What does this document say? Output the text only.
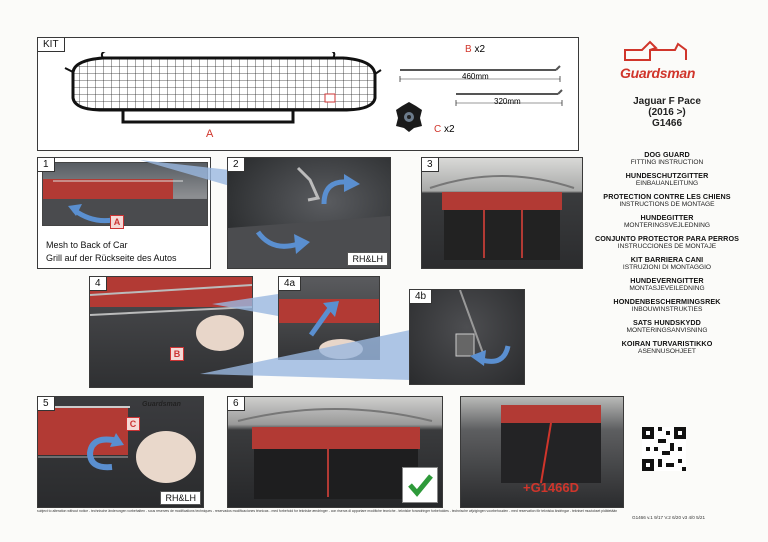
KIT
A	C x2
B x2
460mm
320mm
Guardsman
Jaguar F Pace
(2016 >)
G1466
DOG GUARD
FITTING INSTRUCTION
HUNDESCHUTZGITTER
EINBAUANLEITUNG
PROTECTION CONTRE LES CHIENS
INSTRUCTIONS DE MONTAGE
HUNDEGITTER
MONTERINGSVEJLEDNING
CONJUNTO PROTECTOR PARA PERROS
INSTRUCCIONES DE MONTAJE
KIT BARRIERA CANI
ISTRUZIONI DI MONTAGGIO
HUNDEVERNGITTER
MONTASJEVEILEDNING
HONDENBESCHERMINGSREK
INBOUWINSTRUKTIES
SATS HUNDSKYDD
MONTERINGSANVISNING
KOIRAN TURVARISTIKKO
ASENNUSOHJEET
1
A
Mesh to Back of Car
Grill auf der Rückseite des Autos
2
RH&LH
3
4
B
4a
4b
5	Guardsman
C
RH&LH
6
+G1466D
subject to alteration without notice - technische änderungen vorbehalten - sous reserves de modifications techniques - reservados modificaciones técnicas - med forbehold for tekniske ændringer - con riserva di apportare modifiche tecniche - tekniske forandringer forbeholdes - technische wijzigingen voorbehouden - med reservation för tekniska ändringar - tekniset muutokset pidätetään
G1466 v.1 9/17 V.2 6/20 v3 4/0 5/21
